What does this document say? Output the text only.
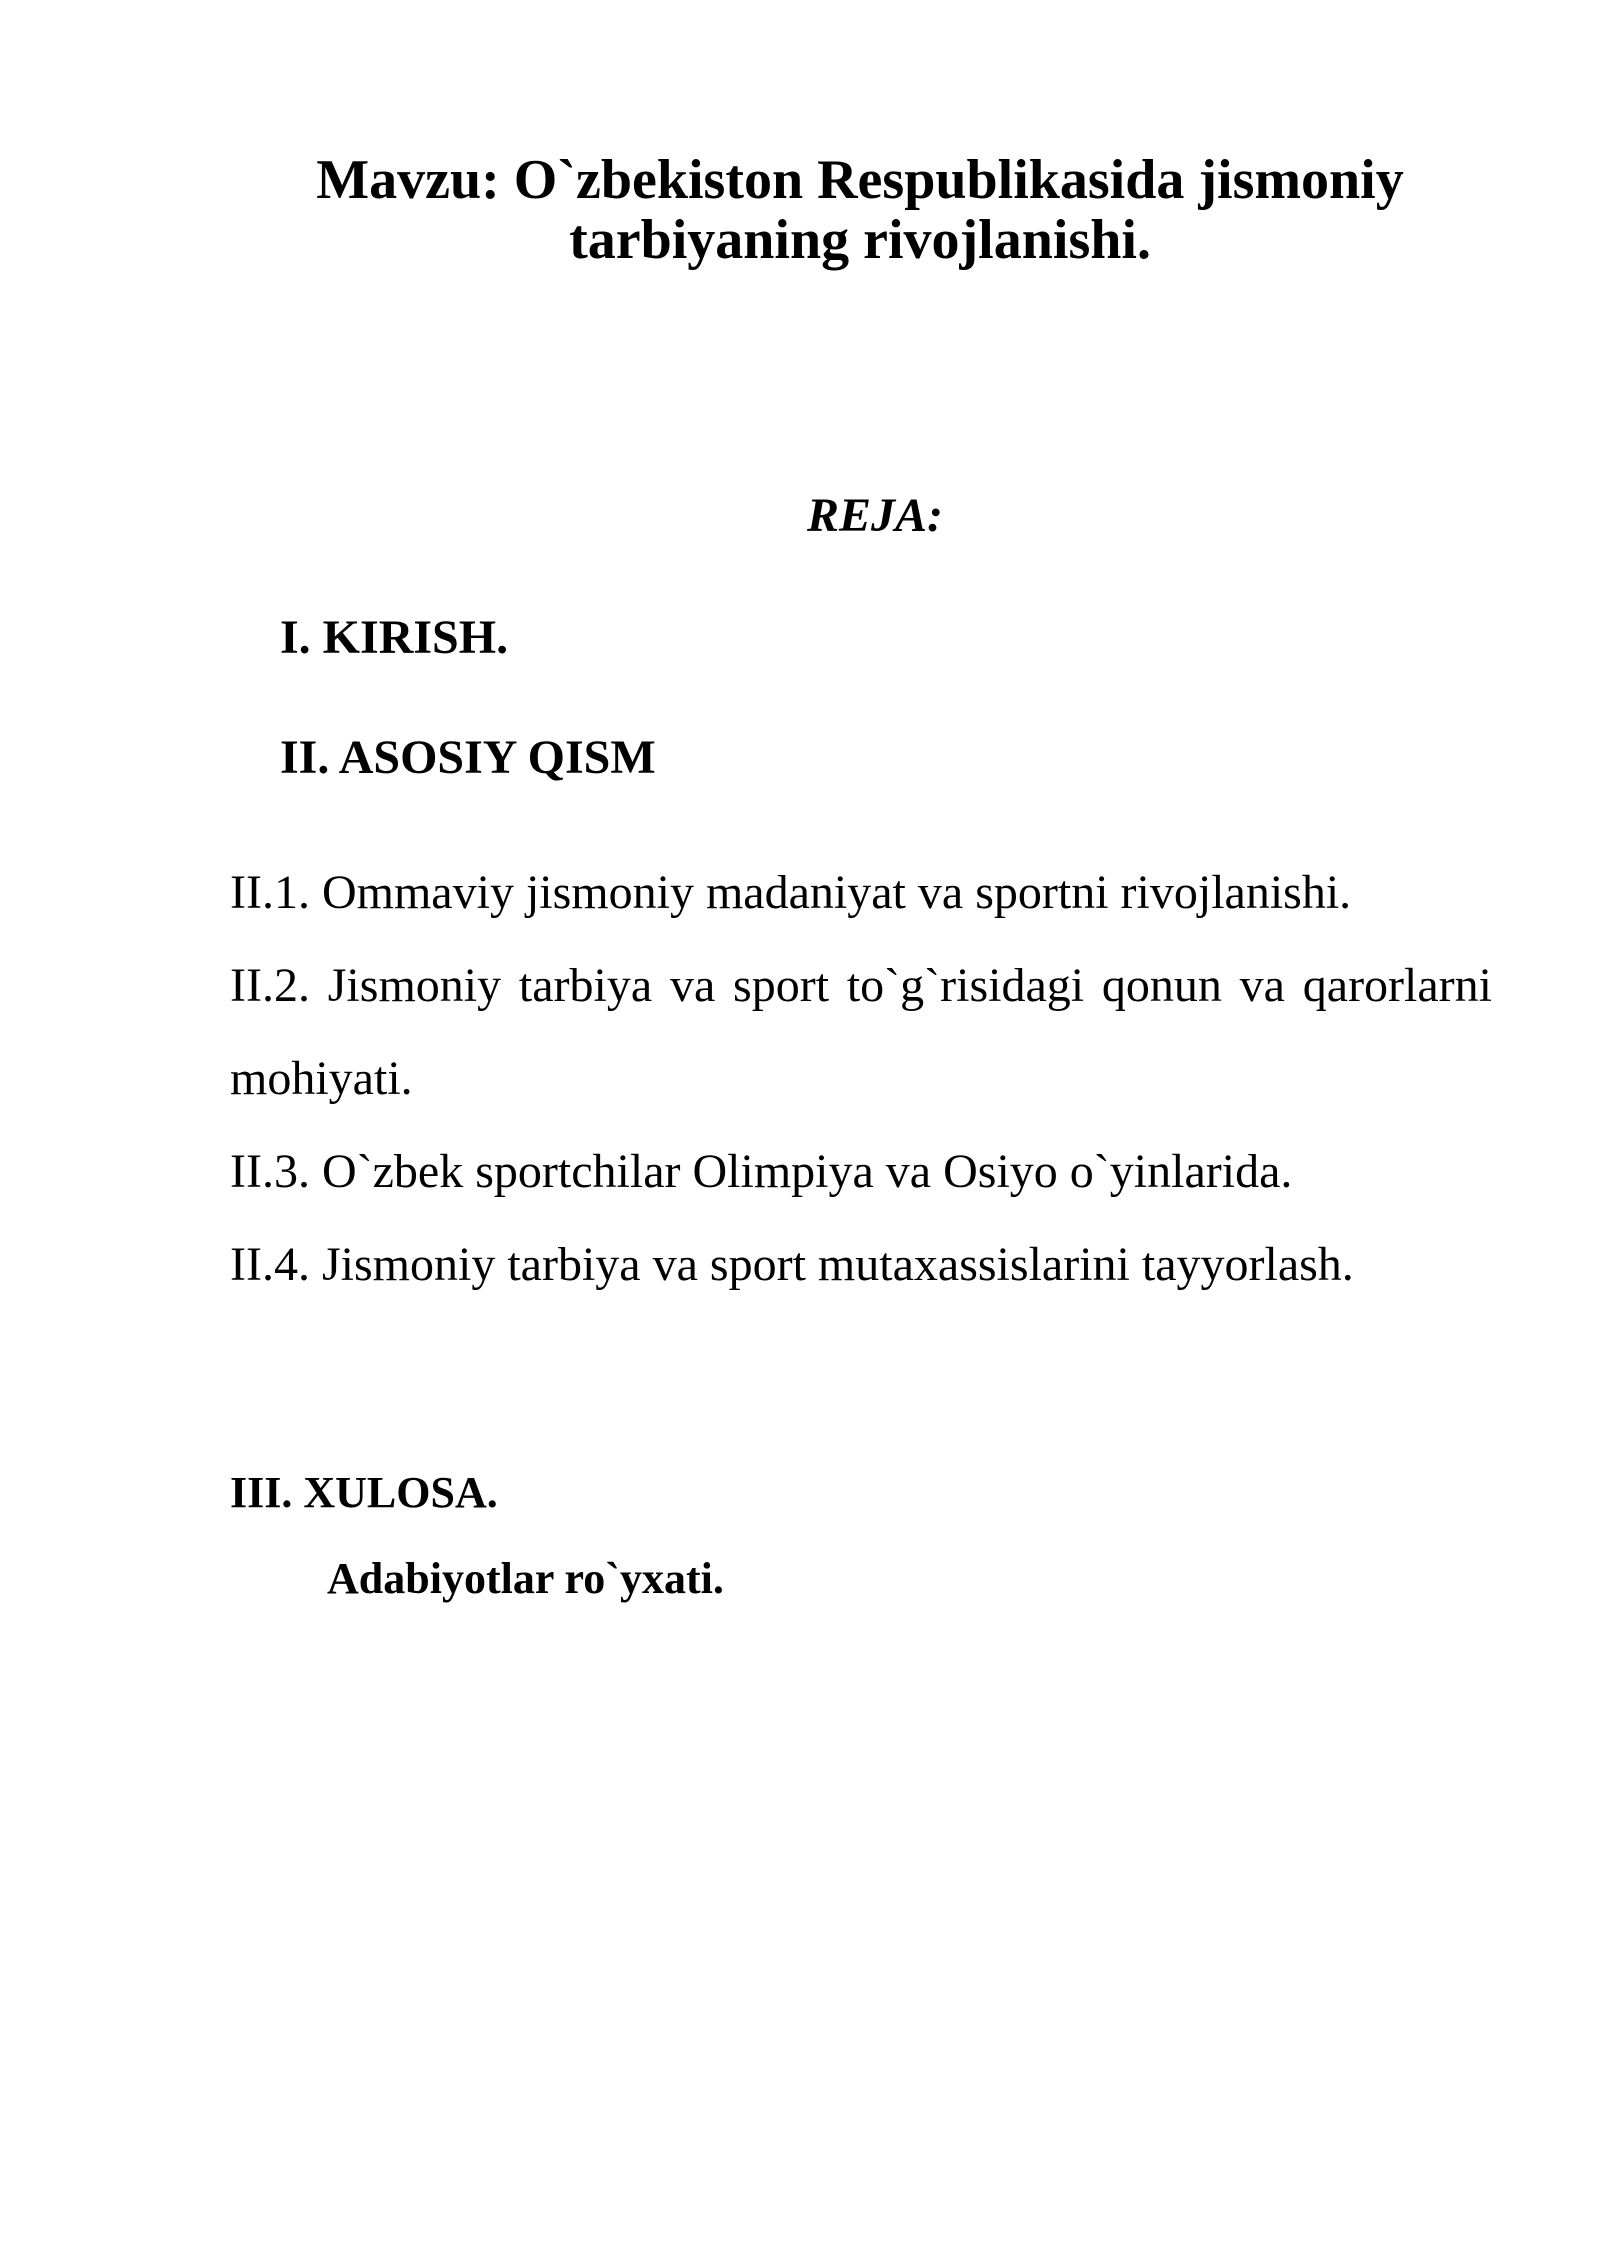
Mavzu: O`zbekiston Respublikasida jismoniy
tarbiyaning rivojlanishi.
REJA:
I. KIRISH.
II. ASOSIY QISM

II.1. Ommaviy jismoniy madaniyat va sportni rivojlanishi.

II.2. Jismoniy tarbiya va sport to`g`risidagi qonun va qarorlarni mohiyati.

II.3. O`zbek sportchilar Olimpiya va Osiyo o`yinlarida.

II.4. Jismoniy tarbiya va sport mutaxassislarini tayyorlash.

III. XULOSA.
Adabiyotlar ro`yxati.
